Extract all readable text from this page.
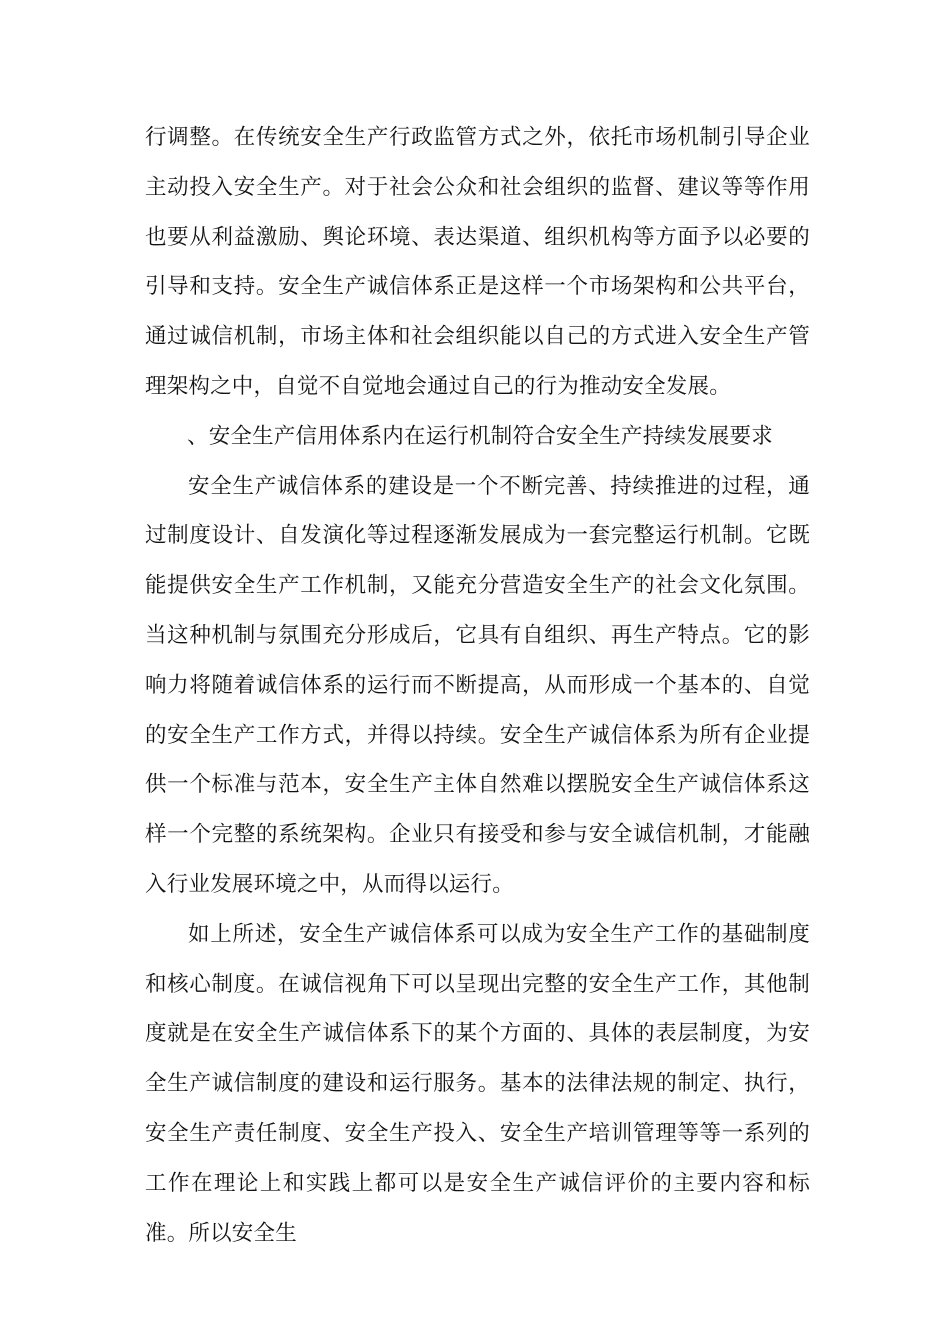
行调整。在传统安全生产行政监管方式之外，依托市场机制引导企业主动投入安全生产。对于社会公众和社会组织的监督、建议等等作用也要从利益激励、舆论环境、表达渠道、组织机构等方面予以必要的引导和支持。安全生产诚信体系正是这样一个市场架构和公共平台，通过诚信机制，市场主体和社会组织能以自己的方式进入安全生产管理架构之中，自觉不自觉地会通过自己的行为推动安全发展。

、安全生产信用体系内在运行机制符合安全生产持续发展要求

安全生产诚信体系的建设是一个不断完善、持续推进的过程，通过制度设计、自发演化等过程逐渐发展成为一套完整运行机制。它既能提供安全生产工作机制，又能充分营造安全生产的社会文化氛围。当这种机制与氛围充分形成后，它具有自组织、再生产特点。它的影响力将随着诚信体系的运行而不断提高，从而形成一个基本的、自觉的安全生产工作方式，并得以持续。安全生产诚信体系为所有企业提供一个标准与范本，安全生产主体自然难以摆脱安全生产诚信体系这样一个完整的系统架构。企业只有接受和参与安全诚信机制，才能融入行业发展环境之中，从而得以运行。

如上所述，安全生产诚信体系可以成为安全生产工作的基础制度和核心制度。在诚信视角下可以呈现出完整的安全生产工作，其他制度就是在安全生产诚信体系下的某个方面的、具体的表层制度，为安全生产诚信制度的建设和运行服务。基本的法律法规的制定、执行，安全生产责任制度、安全生产投入、安全生产培训管理等等一系列的工作在理论上和实践上都可以是安全生产诚信评价的主要内容和标准。所以安全生
